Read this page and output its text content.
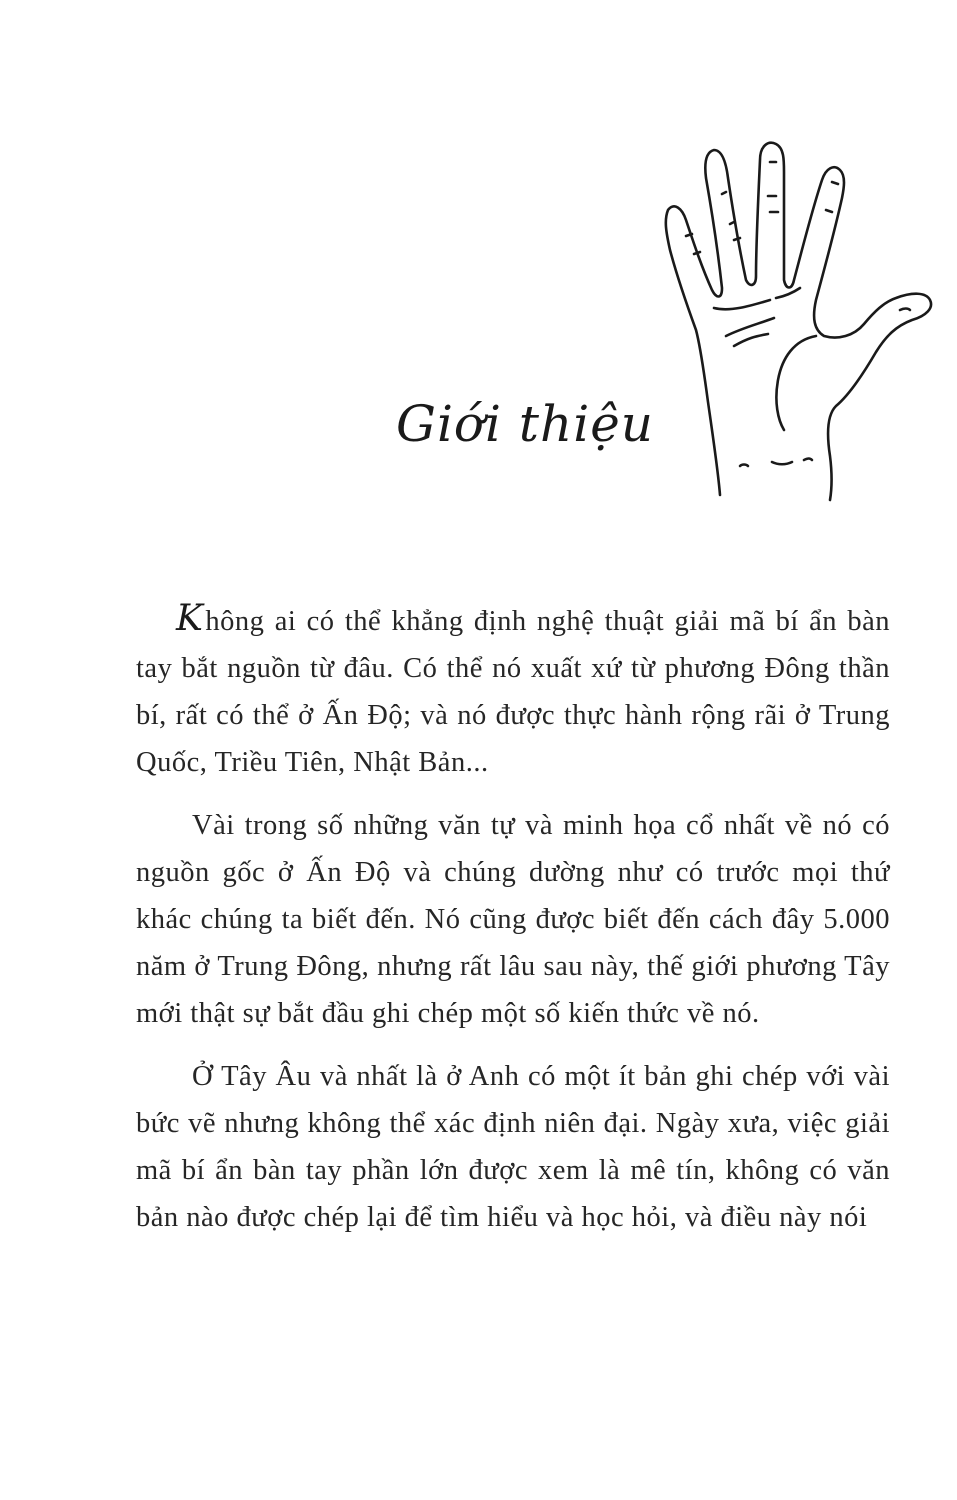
Giới thiệu

Không ai có thể khẳng định nghệ thuật giải mã bí ẩn bàn tay bắt nguồn từ đâu. Có thể nó xuất xứ từ phương Đông thần bí, rất có thể ở Ấn Độ; và nó được thực hành rộng rãi ở Trung Quốc, Triều Tiên, Nhật Bản...

Vài trong số những văn tự và minh họa cổ nhất về nó có nguồn gốc ở Ấn Độ và chúng dường như có trước mọi thứ khác chúng ta biết đến. Nó cũng được biết đến cách đây 5.000 năm ở Trung Đông, nhưng rất lâu sau này, thế giới phương Tây mới thật sự bắt đầu ghi chép một số kiến thức về nó.

Ở Tây Âu và nhất là ở Anh có một ít bản ghi chép với vài bức vẽ nhưng không thể xác định niên đại. Ngày xưa, việc giải mã bí ẩn bàn tay phần lớn được xem là mê tín, không có văn bản nào được chép lại để tìm hiểu và học hỏi, và điều này nói
